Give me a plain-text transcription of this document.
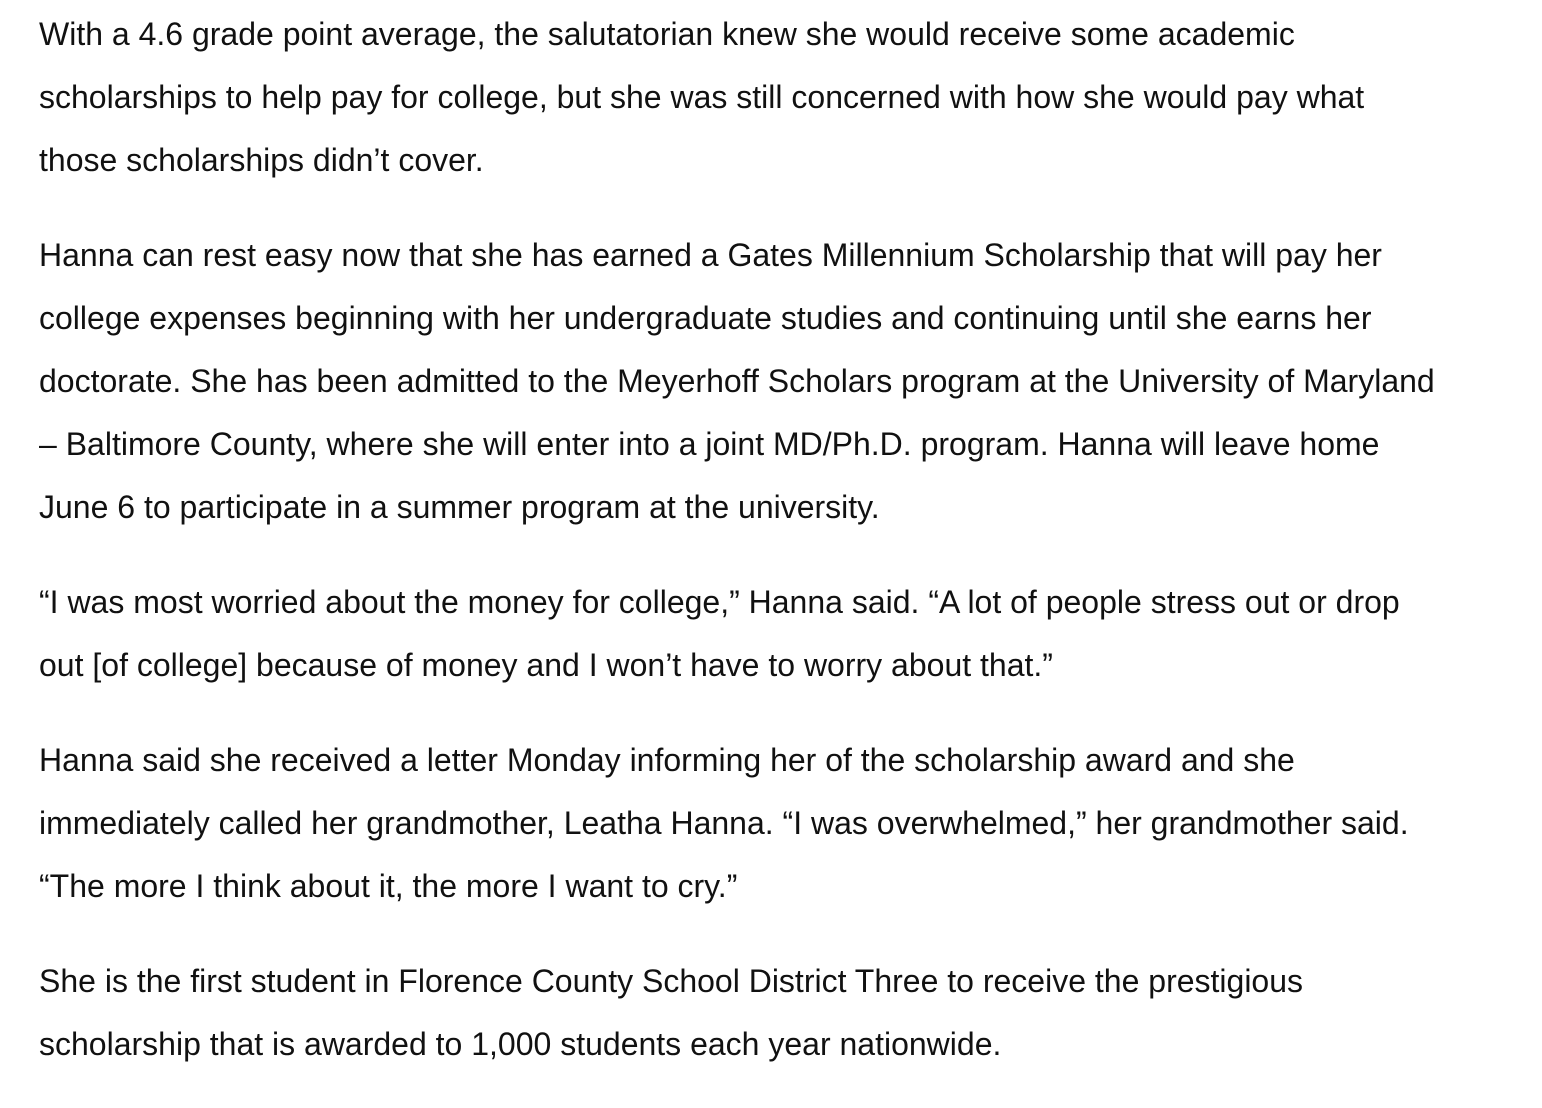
With a 4.6 grade point average, the salutatorian knew she would receive some academic
scholarships to help pay for college, but she was still concerned with how she would pay what
those scholarships didn’t cover.

Hanna can rest easy now that she has earned a Gates Millennium Scholarship that will pay her
college expenses beginning with her undergraduate studies and continuing until she earns her
doctorate. She has been admitted to the Meyerhoff Scholars program at the University of Maryland
– Baltimore County, where she will enter into a joint MD/Ph.D. program. Hanna will leave home
June 6 to participate in a summer program at the university.

“I was most worried about the money for college,” Hanna said. “A lot of people stress out or drop
out [of college] because of money and I won’t have to worry about that.”

Hanna said she received a letter Monday informing her of the scholarship award and she
immediately called her grandmother, Leatha Hanna. “I was overwhelmed,” her grandmother said.
“The more I think about it, the more I want to cry.”

She is the first student in Florence County School District Three to receive the prestigious
scholarship that is awarded to 1,000 students each year nationwide.
